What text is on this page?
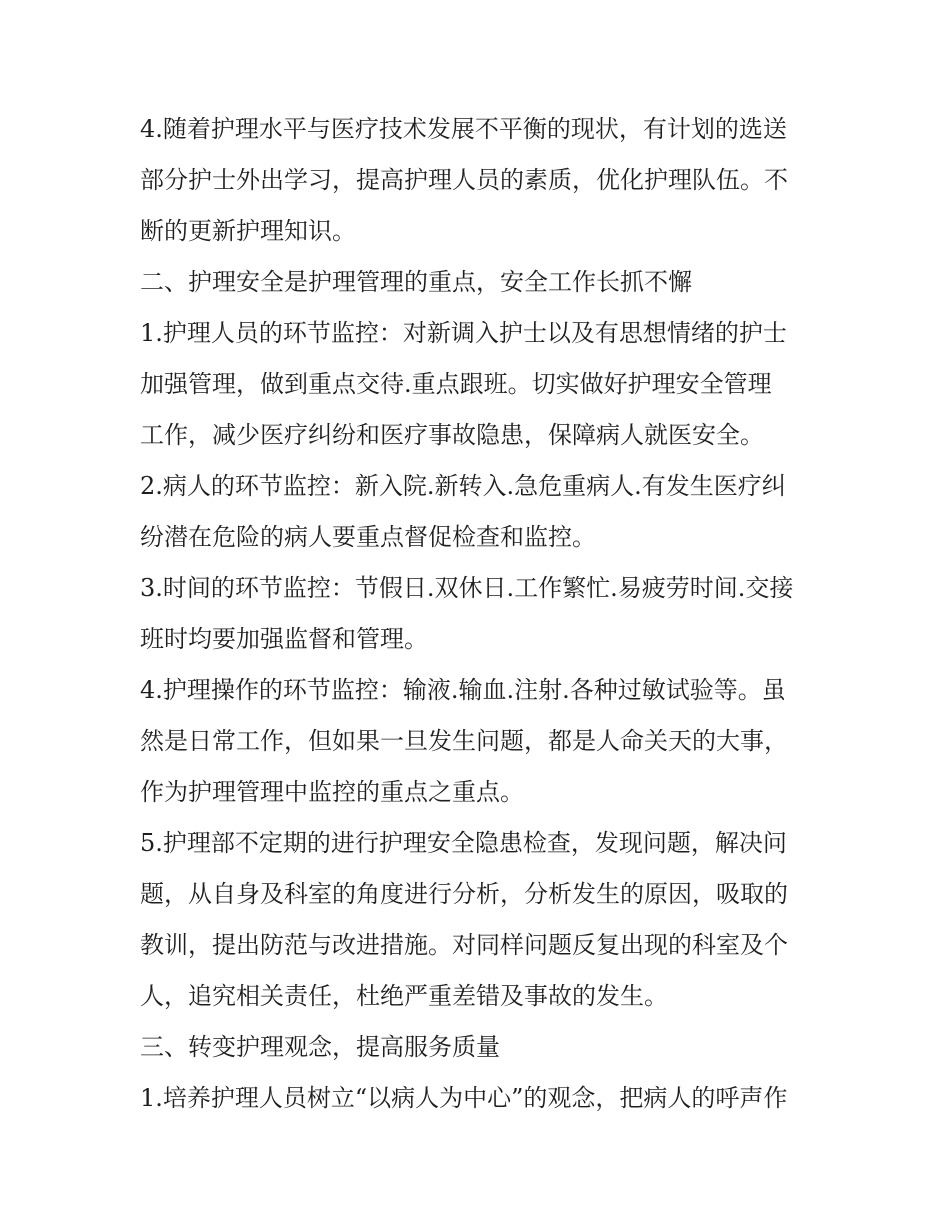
4.随着护理水平与医疗技术发展不平衡的现状，有计划的选送
部分护士外出学习，提高护理人员的素质，优化护理队伍。不
断的更新护理知识。
二、护理安全是护理管理的重点，安全工作长抓不懈
1.护理人员的环节监控：对新调入护士以及有思想情绪的护士
加强管理，做到重点交待.重点跟班。切实做好护理安全管理
工作，减少医疗纠纷和医疗事故隐患，保障病人就医安全。
2.病人的环节监控：新入院.新转入.急危重病人.有发生医疗纠
纷潜在危险的病人要重点督促检查和监控。
3.时间的环节监控：节假日.双休日.工作繁忙.易疲劳时间.交接
班时均要加强监督和管理。
4.护理操作的环节监控：输液.输血.注射.各种过敏试验等。虽
然是日常工作，但如果一旦发生问题，都是人命关天的大事，
作为护理管理中监控的重点之重点。
5.护理部不定期的进行护理安全隐患检查，发现问题，解决问
题，从自身及科室的角度进行分析，分析发生的原因，吸取的
教训，提出防范与改进措施。对同样问题反复出现的科室及个
人，追究相关责任，杜绝严重差错及事故的发生。
三、转变护理观念，提高服务质量
1.培养护理人员树立“以病人为中心”的观念，把病人的呼声作
